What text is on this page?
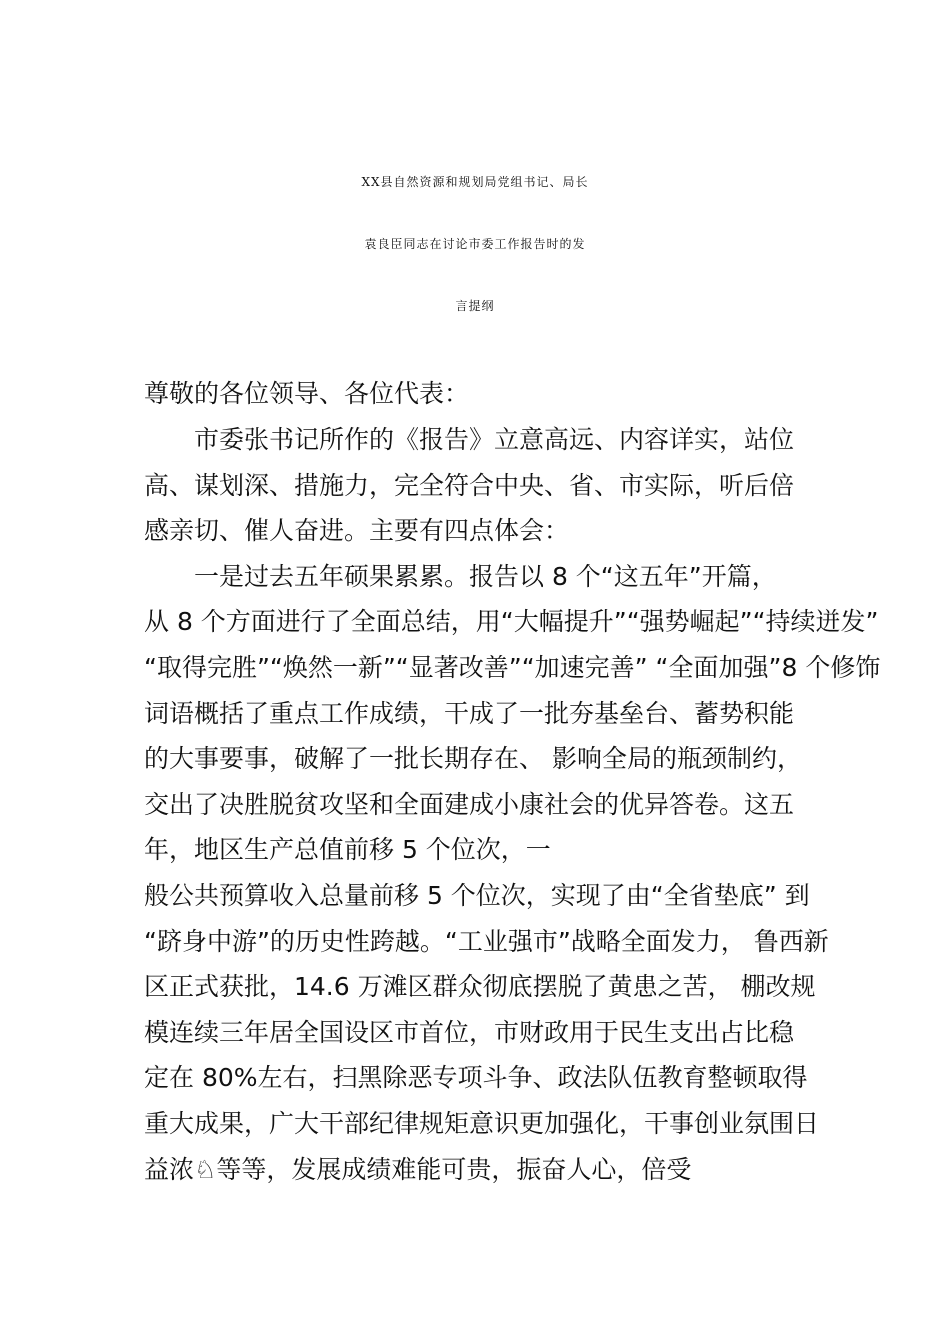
XX县自然资源和规划局党组书记、局长
袁良臣同志在讨论市委工作报告时的发
言提纲
尊敬的各位领导、各位代表：
市委张书记所作的《报告》立意高远、内容详实，站位
高、谋划深、措施力，完全符合中央、省、市实际，听后倍
感亲切、催人奋进。主要有四点体会：
一是过去五年硕果累累。报告以 8 个“这五年”开篇，
从 8 个方面进行了全面总结，用“大幅提升”“强势崛起”“持续迸发”
“取得完胜”“焕然一新”“显著改善”“加速完善” “全面加强”8 个修饰
词语概括了重点工作成绩，干成了一批夯基垒台、蓄势积能
的大事要事，破解了一批长期存在、 影响全局的瓶颈制约，
交出了决胜脱贫攻坚和全面建成小康社会的优异答卷。这五
年，地区生产总值前移 5 个位次，一
般公共预算收入总量前移 5 个位次，实现了由“全省垫底” 到
“跻身中游”的历史性跨越。“工业强市”战略全面发力， 鲁西新
区正式获批，14.6 万滩区群众彻底摆脱了黄患之苦， 棚改规
模连续三年居全国设区市首位，市财政用于民生支出占比稳
定在 80%左右，扫黑除恶专项斗争、政法队伍教育整顿取得
重大成果，广大干部纪律规矩意识更加强化，干事创业氛围日
益浓♘等等，发展成绩难能可贵，振奋人心，倍受
